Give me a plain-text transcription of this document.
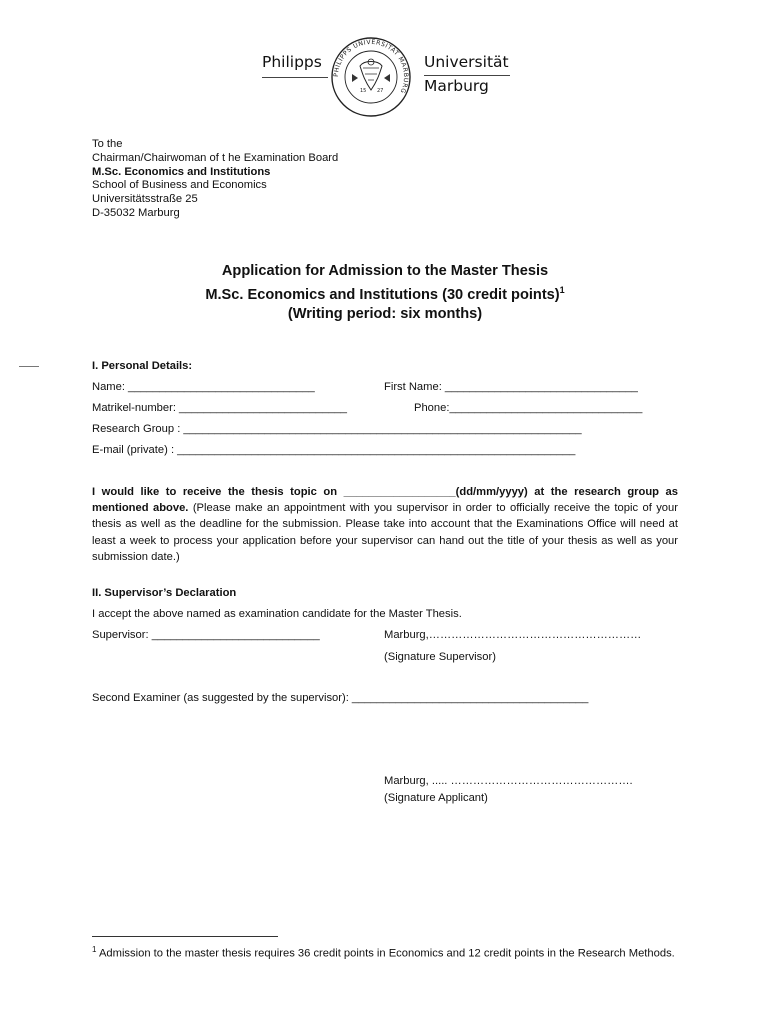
Philipps
PHILIPPS UNIVERSITÄT MARBURG
15 27
Universität
Marburg
To the
Chairman/Chairwoman of t he Examination Board
M.Sc. Economics and Institutions
School of Business and Economics
Universitätsstraße 25
D-35032 Marburg
Application for Admission to the Master Thesis
M.Sc. Economics and Institutions (30 credit points)$^1$
(Writing period: six months)
I. Personal Details:
Name: ______________________________	First Name: _______________________________
Matrikel-number: ___________________________	Phone:_______________________________
Research Group : ________________________________________________________________
E-mail (private) : ________________________________________________________________
I would like to receive the thesis topic on __________________(dd/mm/yyyy) at the research group as mentioned above. (Please make an appointment with you supervisor in order to officially receive the topic of your thesis as well as the deadline for the submission. Please take into account that the Examinations Office will need at least a week to process your application before your supervisor can hand out the title of your thesis as well as your submission date.)
II. Supervisor’s Declaration
I accept the above named as examination candidate for the Master Thesis.
Supervisor: ___________________________	Marburg,…………………………………………………
(Signature Supervisor)
Second Examiner (as suggested by the supervisor): ______________________________________
Marburg, ..... ………………………………………….
(Signature Applicant)
$^1$ Admission to the master thesis requires 36 credit points in Economics and 12 credit points in the Research Methods.
